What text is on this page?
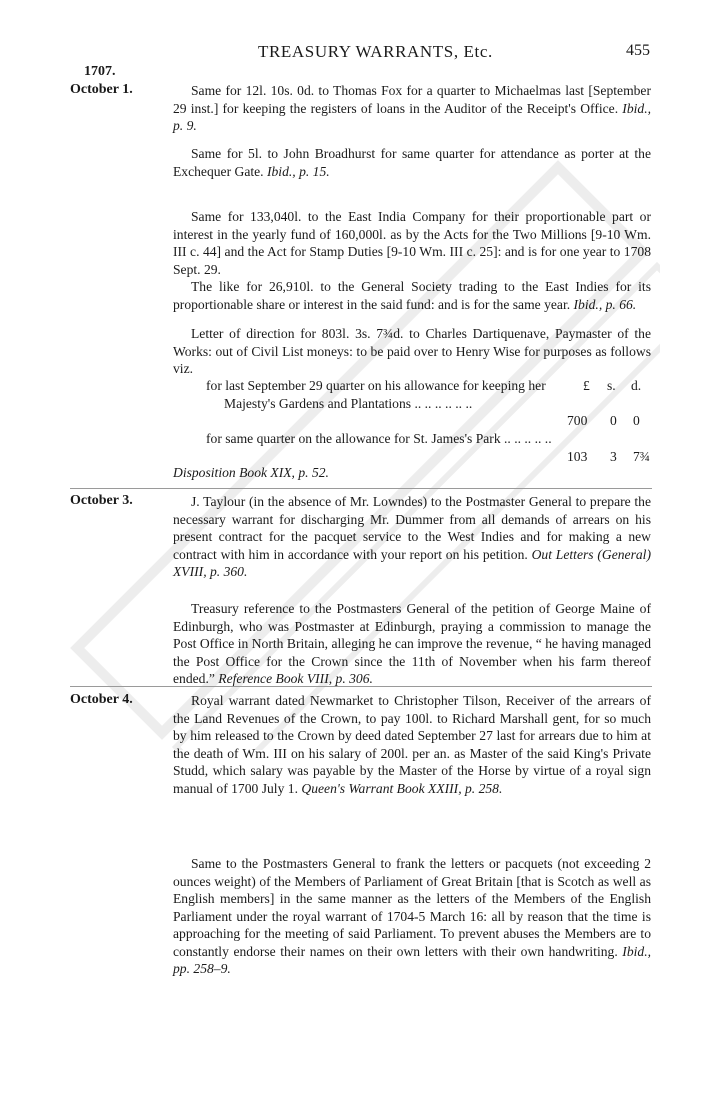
TREASURY WARRANTS, Etc.	455
1707.
October 1.	Same for 12l. 10s. 0d. to Thomas Fox for a quarter to Michaelmas last [September 29 inst.] for keeping the registers of loans in the Auditor of the Receipt's Office. Ibid., p. 9.

Same for 5l. to John Broadhurst for same quarter for attendance as porter at the Exchequer Gate. Ibid., p. 15.

Same for 133,040l. to the East India Company for their proportionable part or interest in the yearly fund of 160,000l. as by the Acts for the Two Millions [9-10 Wm. III c. 44] and the Act for Stamp Duties [9-10 Wm. III c. 25]: and is for one year to 1708 Sept. 29.

The like for 26,910l. to the General Society trading to the East Indies for its proportionable share or interest in the said fund: and is for the same year. Ibid., p. 66.

Letter of direction for 803l. 3s. 7¾d. to Charles Dartiquenave, Paymaster of the Works: out of Civil List moneys: to be paid over to Henry Wise for purposes as follows viz.

for last September 29 quarter on his allowance for keeping her Majesty's Gardens and Plantations .. .. .. .. .. ..
£ s. d.
700 0 0
for same quarter on the allowance for St. James's Park .. .. .. .. ..
103 3 7¾

Disposition Book XIX, p. 52.

October 3.	J. Taylour (in the absence of Mr. Lowndes) to the Postmaster General to prepare the necessary warrant for discharging Mr. Dummer from all demands of arrears on his present contract for the pacquet service to the West Indies and for making a new contract with him in accordance with your report on his petition. Out Letters (General) XVIII, p. 360.

Treasury reference to the Postmasters General of the petition of George Maine of Edinburgh, who was Postmaster at Edinburgh, praying a commission to manage the Post Office in North Britain, alleging he can improve the revenue, “ he having managed the Post Office for the Crown since the 11th of November when his farm thereof ended.” Reference Book VIII, p. 306.

October 4.	Royal warrant dated Newmarket to Christopher Tilson, Receiver of the arrears of the Land Revenues of the Crown, to pay 100l. to Richard Marshall gent, for so much by him released to the Crown by deed dated September 27 last for arrears due to him at the death of Wm. III on his salary of 200l. per an. as Master of the said King's Private Studd, which salary was payable by the Master of the Horse by virtue of a royal sign manual of 1700 July 1. Queen's Warrant Book XXIII, p. 258.

Same to the Postmasters General to frank the letters or pacquets (not exceeding 2 ounces weight) of the Members of Parliament of Great Britain [that is Scotch as well as English members] in the same manner as the letters of the Members of the English Parliament under the royal warrant of 1704-5 March 16: all by reason that the time is approaching for the meeting of said Parliament. To prevent abuses the Members are to constantly endorse their names on their own letters with their own handwriting. Ibid., pp. 258–9.
